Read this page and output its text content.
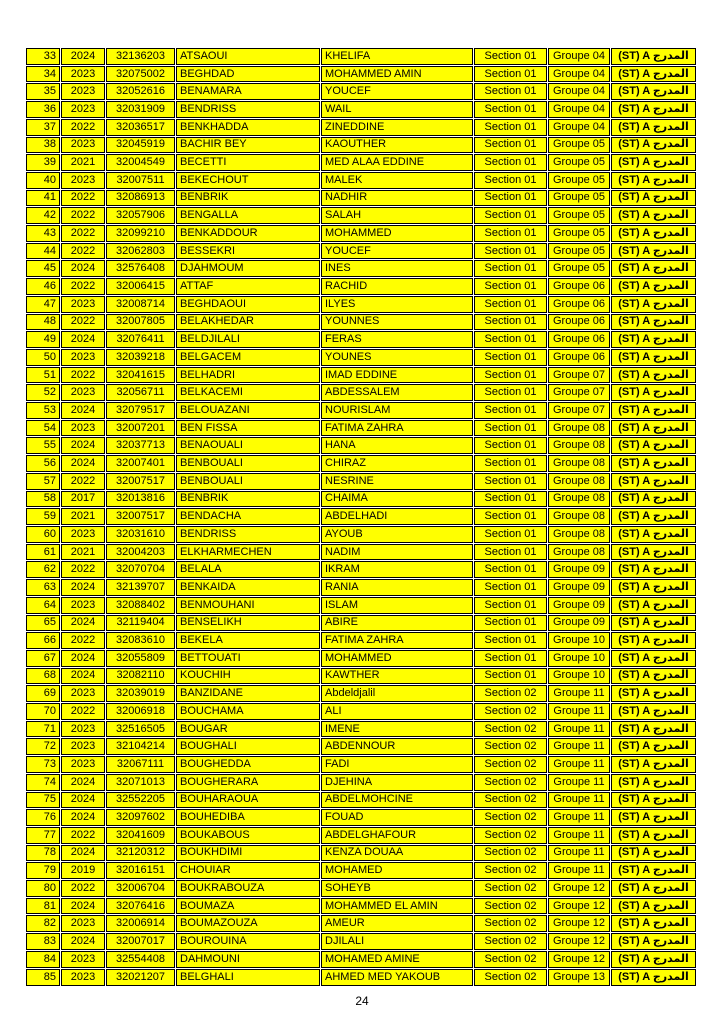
33	2024	32136203	ATSAOUI	KHELIFA	Section 01	Groupe 04	(ST) A المدرج
34	2023	32075002	BEGHDAD	MOHAMMED AMIN	Section 01	Groupe 04	(ST) A المدرج
35	2023	32052616	BENAMARA	YOUCEF	Section 01	Groupe 04	(ST) A المدرج
36	2023	32031909	BENDRISS	WAIL	Section 01	Groupe 04	(ST) A المدرج
37	2022	32036517	BENKHADDA	ZINEDDINE	Section 01	Groupe 04	(ST) A المدرج
38	2023	32045919	BACHIR BEY	KAOUTHER	Section 01	Groupe 05	(ST) A المدرج
39	2021	32004549	BECETTI	MED ALAA EDDINE	Section 01	Groupe 05	(ST) A المدرج
40	2023	32007511	BEKECHOUT	MALEK	Section 01	Groupe 05	(ST) A المدرج
41	2022	32086913	BENBRIK	NADHIR	Section 01	Groupe 05	(ST) A المدرج
42	2022	32057906	BENGALLA	SALAH	Section 01	Groupe 05	(ST) A المدرج
43	2022	32099210	BENKADDOUR	MOHAMMED	Section 01	Groupe 05	(ST) A المدرج
44	2022	32062803	BESSEKRI	YOUCEF	Section 01	Groupe 05	(ST) A المدرج
45	2024	32576408	DJAHMOUM	INES	Section 01	Groupe 05	(ST) A المدرج
46	2022	32006415	ATTAF	RACHID	Section 01	Groupe 06	(ST) A المدرج
47	2023	32008714	BEGHDAOUI	ILYES	Section 01	Groupe 06	(ST) A المدرج
48	2022	32007805	BELAKHEDAR	YOUNNES	Section 01	Groupe 06	(ST) A المدرج
49	2024	32076411	BELDJILALI	FERAS	Section 01	Groupe 06	(ST) A المدرج
50	2023	32039218	BELGACEM	YOUNES	Section 01	Groupe 06	(ST) A المدرج
51	2022	32041615	BELHADRI	IMAD EDDINE	Section 01	Groupe 07	(ST) A المدرج
52	2023	32056711	BELKACEMI	ABDESSALEM	Section 01	Groupe 07	(ST) A المدرج
53	2024	32079517	BELOUAZANI	NOURISLAM	Section 01	Groupe 07	(ST) A المدرج
54	2023	32007201	BEN FISSA	FATIMA ZAHRA	Section 01	Groupe 08	(ST) A المدرج
55	2024	32037713	BENAOUALI	HANA	Section 01	Groupe 08	(ST) A المدرج
56	2024	32007401	BENBOUALI	CHIRAZ	Section 01	Groupe 08	(ST) A المدرج
57	2022	32007517	BENBOUALI	NESRINE	Section 01	Groupe 08	(ST) A المدرج
58	2017	32013816	BENBRIK	CHAIMA	Section 01	Groupe 08	(ST) A المدرج
59	2021	32007517	BENDACHA	ABDELHADI	Section 01	Groupe 08	(ST) A المدرج
60	2023	32031610	BENDRISS	AYOUB	Section 01	Groupe 08	(ST) A المدرج
61	2021	32004203	ELKHARMECHEN	NADIM	Section 01	Groupe 08	(ST) A المدرج
62	2022	32070704	BELALA	IKRAM	Section 01	Groupe 09	(ST) A المدرج
63	2024	32139707	BENKAIDA	RANIA	Section 01	Groupe 09	(ST) A المدرج
64	2023	32088402	BENMOUHANI	ISLAM	Section 01	Groupe 09	(ST) A المدرج
65	2024	32119404	BENSELIKH	ABIRE	Section 01	Groupe 09	(ST) A المدرج
66	2022	32083610	BEKELA	FATIMA ZAHRA	Section 01	Groupe 10	(ST) A المدرج
67	2024	32055809	BETTOUATI	MOHAMMED	Section 01	Groupe 10	(ST) A المدرج
68	2024	32082110	KOUCHIH	KAWTHER	Section 01	Groupe 10	(ST) A المدرج
69	2023	32039019	BANZIDANE	Abdeldjalil	Section 02	Groupe 11	(ST) A المدرج
70	2022	32006918	BOUCHAMA	ALI	Section 02	Groupe 11	(ST) A المدرج
71	2023	32516505	BOUGAR	IMENE	Section 02	Groupe 11	(ST) A المدرج
72	2023	32104214	BOUGHALI	ABDENNOUR	Section 02	Groupe 11	(ST) A المدرج
73	2023	32067111	BOUGHEDDA	FADI	Section 02	Groupe 11	(ST) A المدرج
74	2024	32071013	BOUGHERARA	DJEHINA	Section 02	Groupe 11	(ST) A المدرج
75	2024	32552205	BOUHARAOUA	ABDELMOHCINE	Section 02	Groupe 11	(ST) A المدرج
76	2024	32097602	BOUHEDIBA	FOUAD	Section 02	Groupe 11	(ST) A المدرج
77	2022	32041609	BOUKABOUS	ABDELGHAFOUR	Section 02	Groupe 11	(ST) A المدرج
78	2024	32120312	BOUKHDIMI	KENZA DOUAA	Section 02	Groupe 11	(ST) A المدرج
79	2019	32016151	CHOUIAR	MOHAMED	Section 02	Groupe 11	(ST) A المدرج
80	2022	32006704	BOUKRABOUZA	SOHEYB	Section 02	Groupe 12	(ST) A المدرج
81	2024	32076416	BOUMAZA	MOHAMMED EL AMIN	Section 02	Groupe 12	(ST) A المدرج
82	2023	32006914	BOUMAZOUZA	AMEUR	Section 02	Groupe 12	(ST) A المدرج
83	2024	32007017	BOUROUINA	DJILALI	Section 02	Groupe 12	(ST) A المدرج
84	2023	32554408	DAHMOUNI	MOHAMED AMINE	Section 02	Groupe 12	(ST) A المدرج
85	2023	32021207	BELGHALI	AHMED MED YAKOUB	Section 02	Groupe 13	(ST) A المدرج
24
